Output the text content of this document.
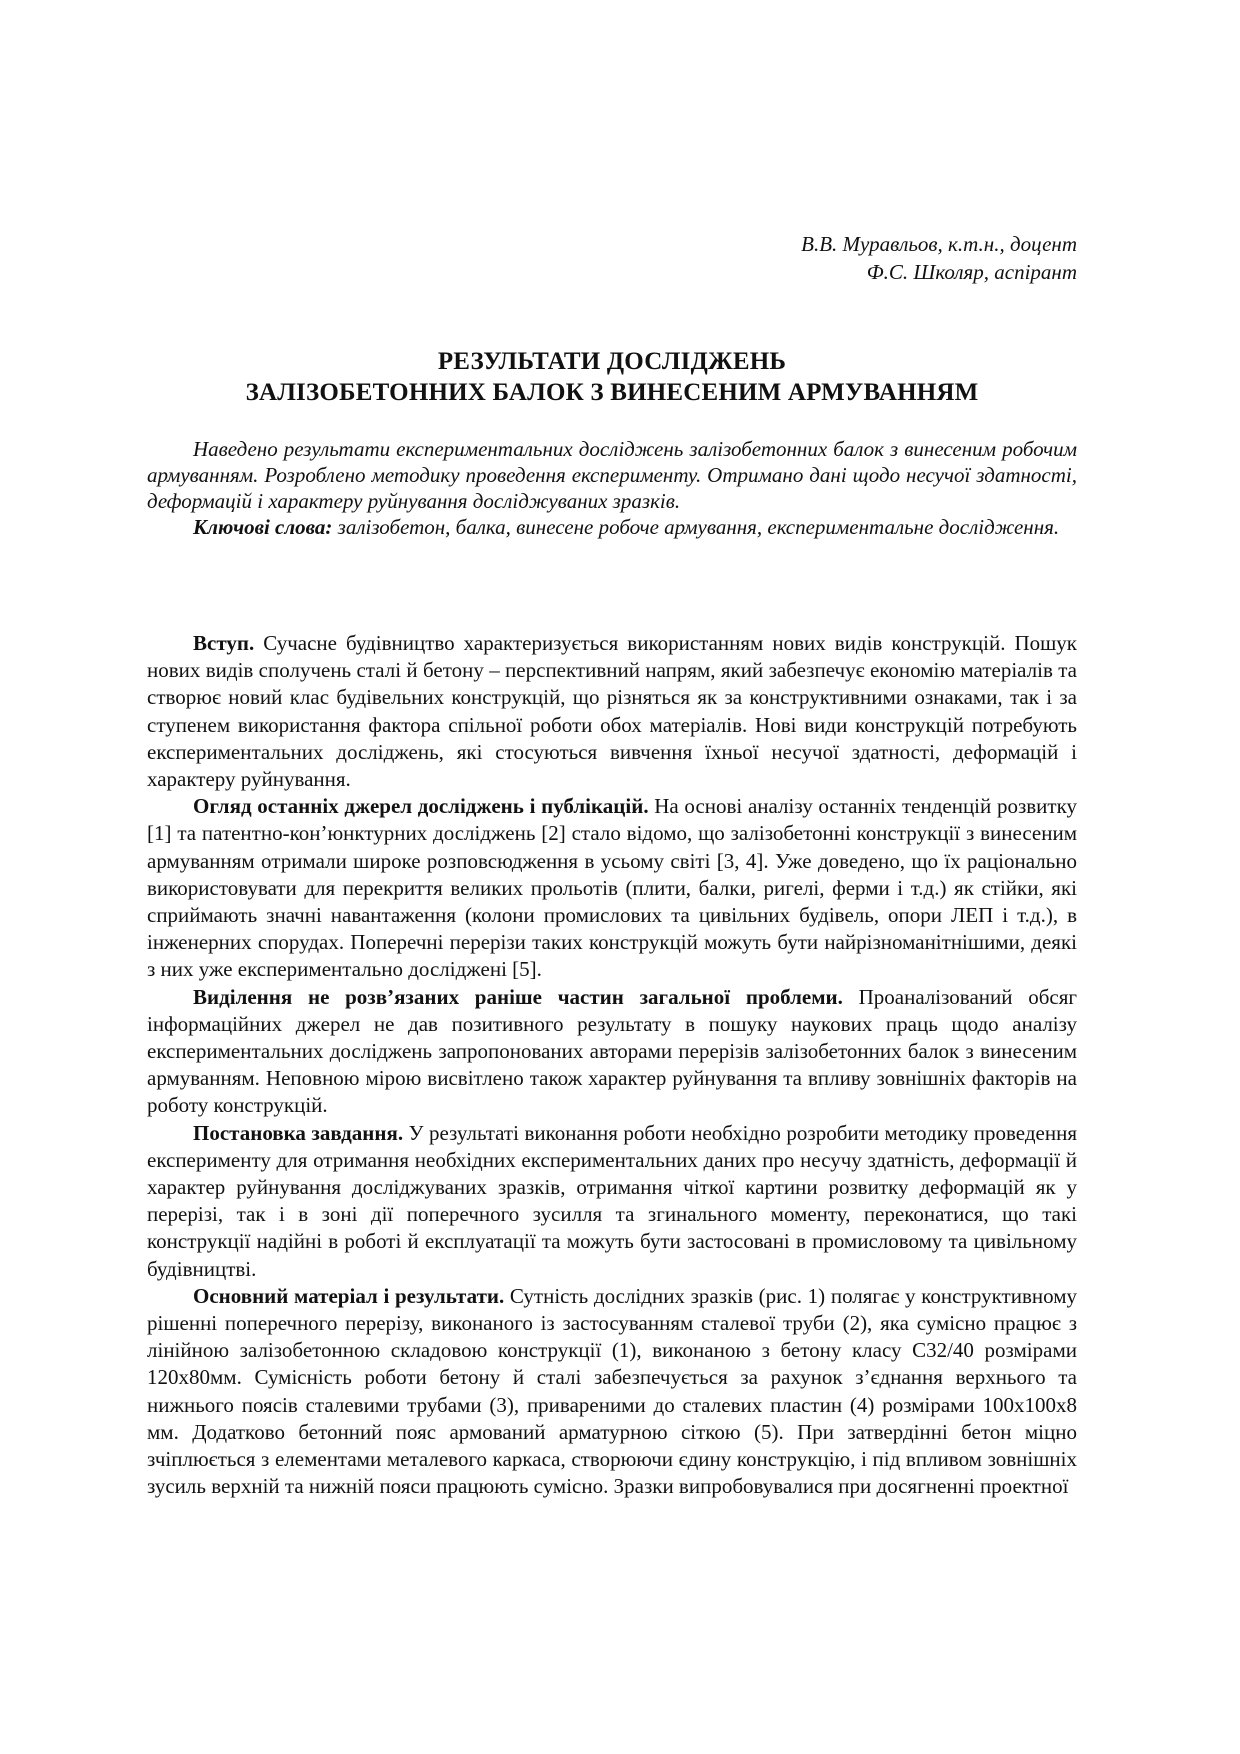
В.В. Муравльов, к.т.н., доцент
Ф.С. Школяр, аспірант
РЕЗУЛЬТАТИ ДОСЛІДЖЕНЬ
ЗАЛІЗОБЕТОННИХ БАЛОК З ВИНЕСЕНИМ АРМУВАННЯМ

Наведено результати експериментальних досліджень залізобетонних балок з винесеним робочим армуванням. Розроблено методику проведення експерименту. Отримано дані щодо несучої здатності, деформацій і характеру руйнування досліджуваних зразків.

Ключові слова: залізобетон, балка, винесене робоче армування, експериментальне дослідження.

Вступ. Сучасне будівництво характеризується використанням нових видів конструкцій. Пошук нових видів сполучень сталі й бетону – перспективний напрям, який забезпечує економію матеріалів та створює новий клас будівельних конструкцій, що різняться як за конструктивними ознаками, так і за ступенем використання фактора спільної роботи обох матеріалів. Нові види конструкцій потребують експериментальних досліджень, які стосуються вивчення їхньої несучої здатності, деформацій і характеру руйнування.

Огляд останніх джерел досліджень і публікацій. На основі аналізу останніх тенденцій розвитку [1] та патентно-кон’юнктурних досліджень [2] стало відомо, що залізобетонні конструкції з винесеним армуванням отримали широке розповсюдження в усьому світі [3, 4]. Уже доведено, що їх раціонально використовувати для перекриття великих прольотів (плити, балки, ригелі, ферми і т.д.) як стійки, які сприймають значні навантаження (колони промислових та цивільних будівель, опори ЛЕП і т.д.), в інженерних спорудах. Поперечні перерізи таких конструкцій можуть бути найрізноманітнішими, деякі з них уже експериментально досліджені [5].

Виділення не розв’язаних раніше частин загальної проблеми. Проаналізований обсяг інформаційних джерел не дав позитивного результату в пошуку наукових праць щодо аналізу експериментальних досліджень запропонованих авторами перерізів залізобетонних балок з винесеним армуванням. Неповною мірою висвітлено також характер руйнування та впливу зовнішніх факторів на роботу конструкцій.

Постановка завдання. У результаті виконання роботи необхідно розробити методику проведення експерименту для отримання необхідних експериментальних даних про несучу здатність, деформації й характер руйнування досліджуваних зразків, отримання чіткої картини розвитку деформацій як у перерізі, так і в зоні дії поперечного зусилля та згинального моменту, переконатися, що такі конструкції надійні в роботі й експлуатації та можуть бути застосовані в промисловому та цивільному будівництві.

Основний матеріал і результати. Сутність дослідних зразків (рис. 1) полягає у конструктивному рішенні поперечного перерізу, виконаного із застосуванням сталевої труби (2), яка сумісно працює з лінійною залізобетонною складовою конструкції (1), виконаною з бетону класу С32/40 розмірами 120х80мм. Сумісність роботи бетону й сталі забезпечується за рахунок з’єднання верхнього та нижнього поясів сталевими трубами (3), привареними до сталевих пластин (4) розмірами 100х100х8 мм. Додатково бетонний пояс армований арматурною сіткою (5). При затвердінні бетон міцно зчіплюється з елементами металевого каркаса, створюючи єдину конструкцію, і під впливом зовнішніх зусиль верхній та нижній пояси працюють сумісно. Зразки випробовувалися при досягненні проектної
